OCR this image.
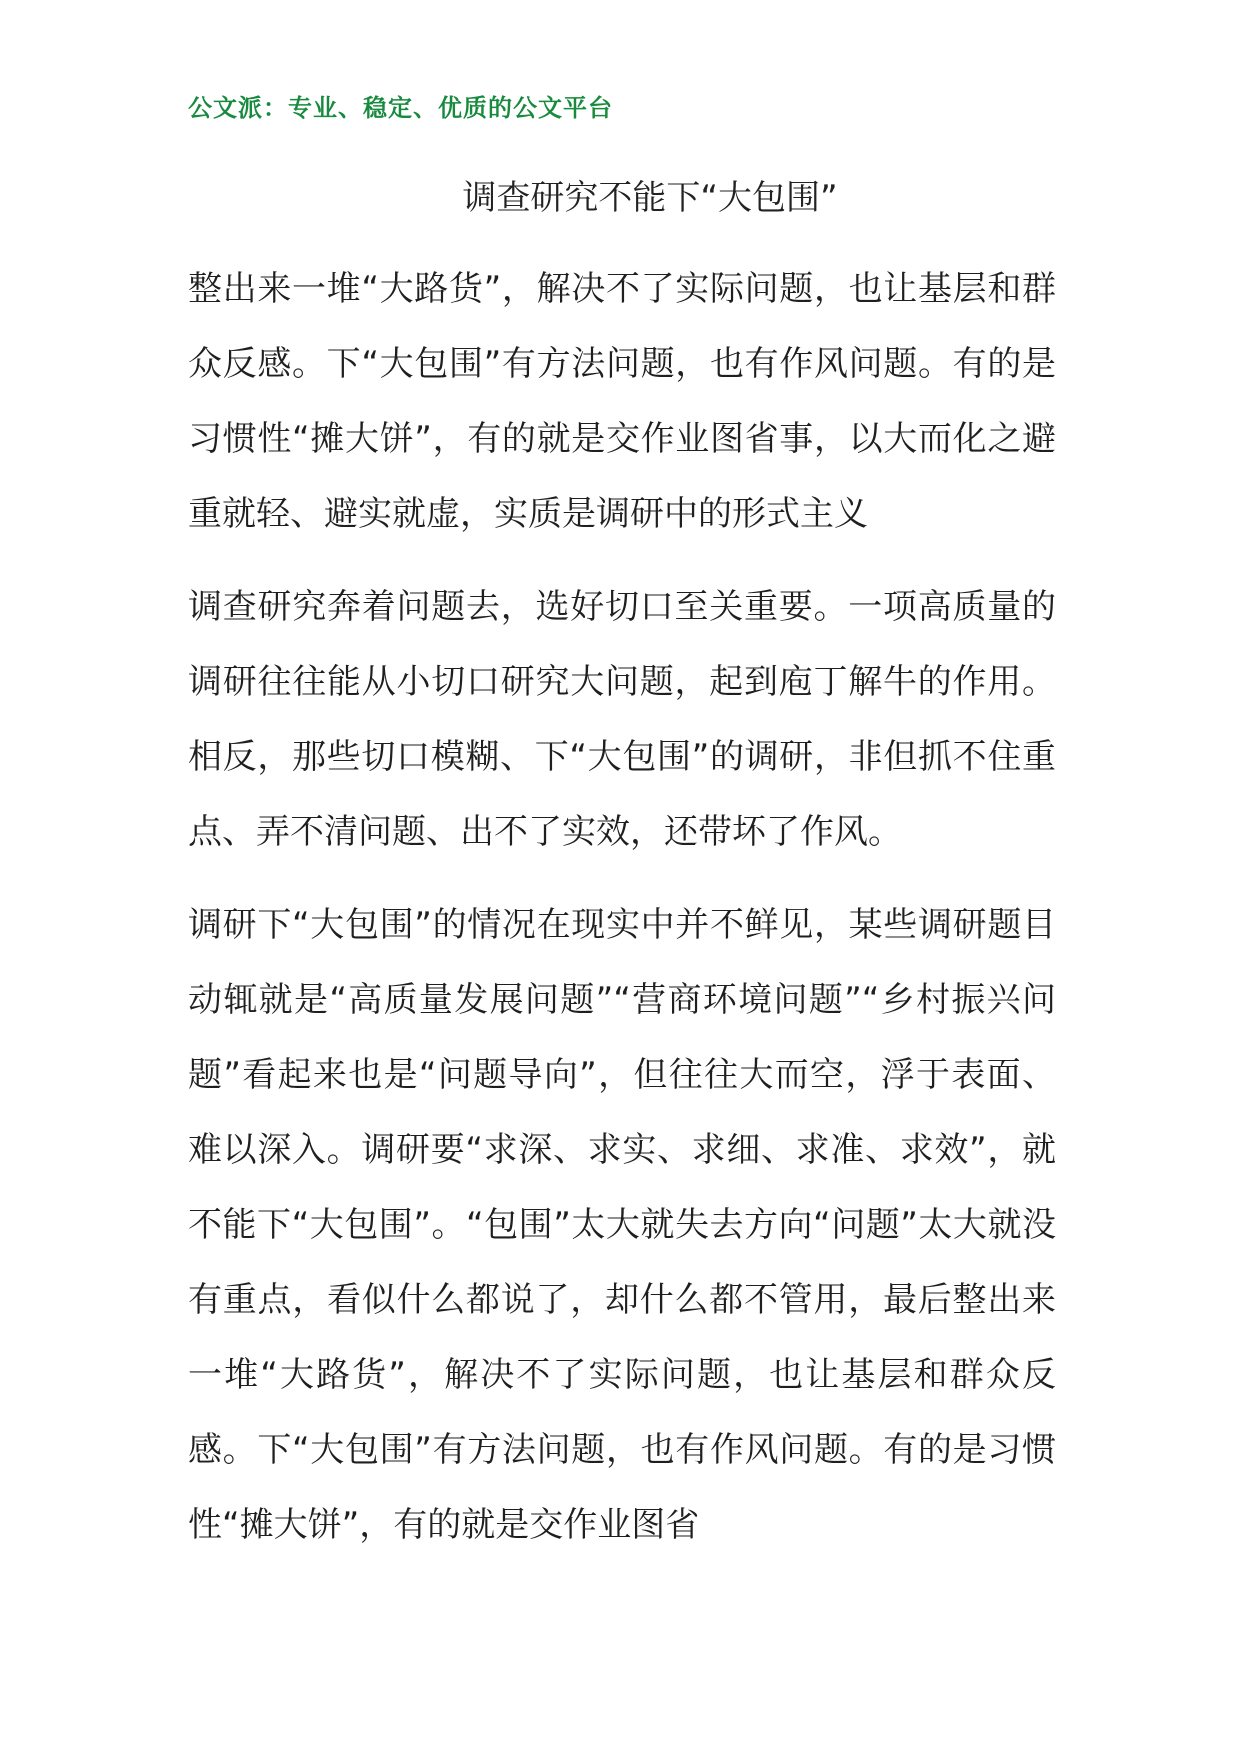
公文派：专业、稳定、优质的公文平台
调查研究不能下“大包围”

整出来一堆“大路货”，解决不了实际问题，也让基层和群众反感。下“大包围”有方法问题，也有作风问题。有的是习惯性“摊大饼”，有的就是交作业图省事，以大而化之避重就轻、避实就虚，实质是调研中的形式主义

调查研究奔着问题去，选好切口至关重要。一项高质量的调研往往能从小切口研究大问题，起到庖丁解牛的作用。相反，那些切口模糊、下“大包围”的调研，非但抓不住重点、弄不清问题、出不了实效，还带坏了作风。

调研下“大包围”的情况在现实中并不鲜见，某些调研题目动辄就是“高质量发展问题”“营商环境问题”“乡村振兴问题”看起来也是“问题导向”，但往往大而空，浮于表面、难以深入。调研要“求深、求实、求细、求准、求效”，就不能下“大包围”。“包围”太大就失去方向“问题”太大就没有重点，看似什么都说了，却什么都不管用，最后整出来一堆“大路货”，解决不了实际问题，也让基层和群众反感。下“大包围”有方法问题，也有作风问题。有的是习惯性“摊大饼”，有的就是交作业图省
